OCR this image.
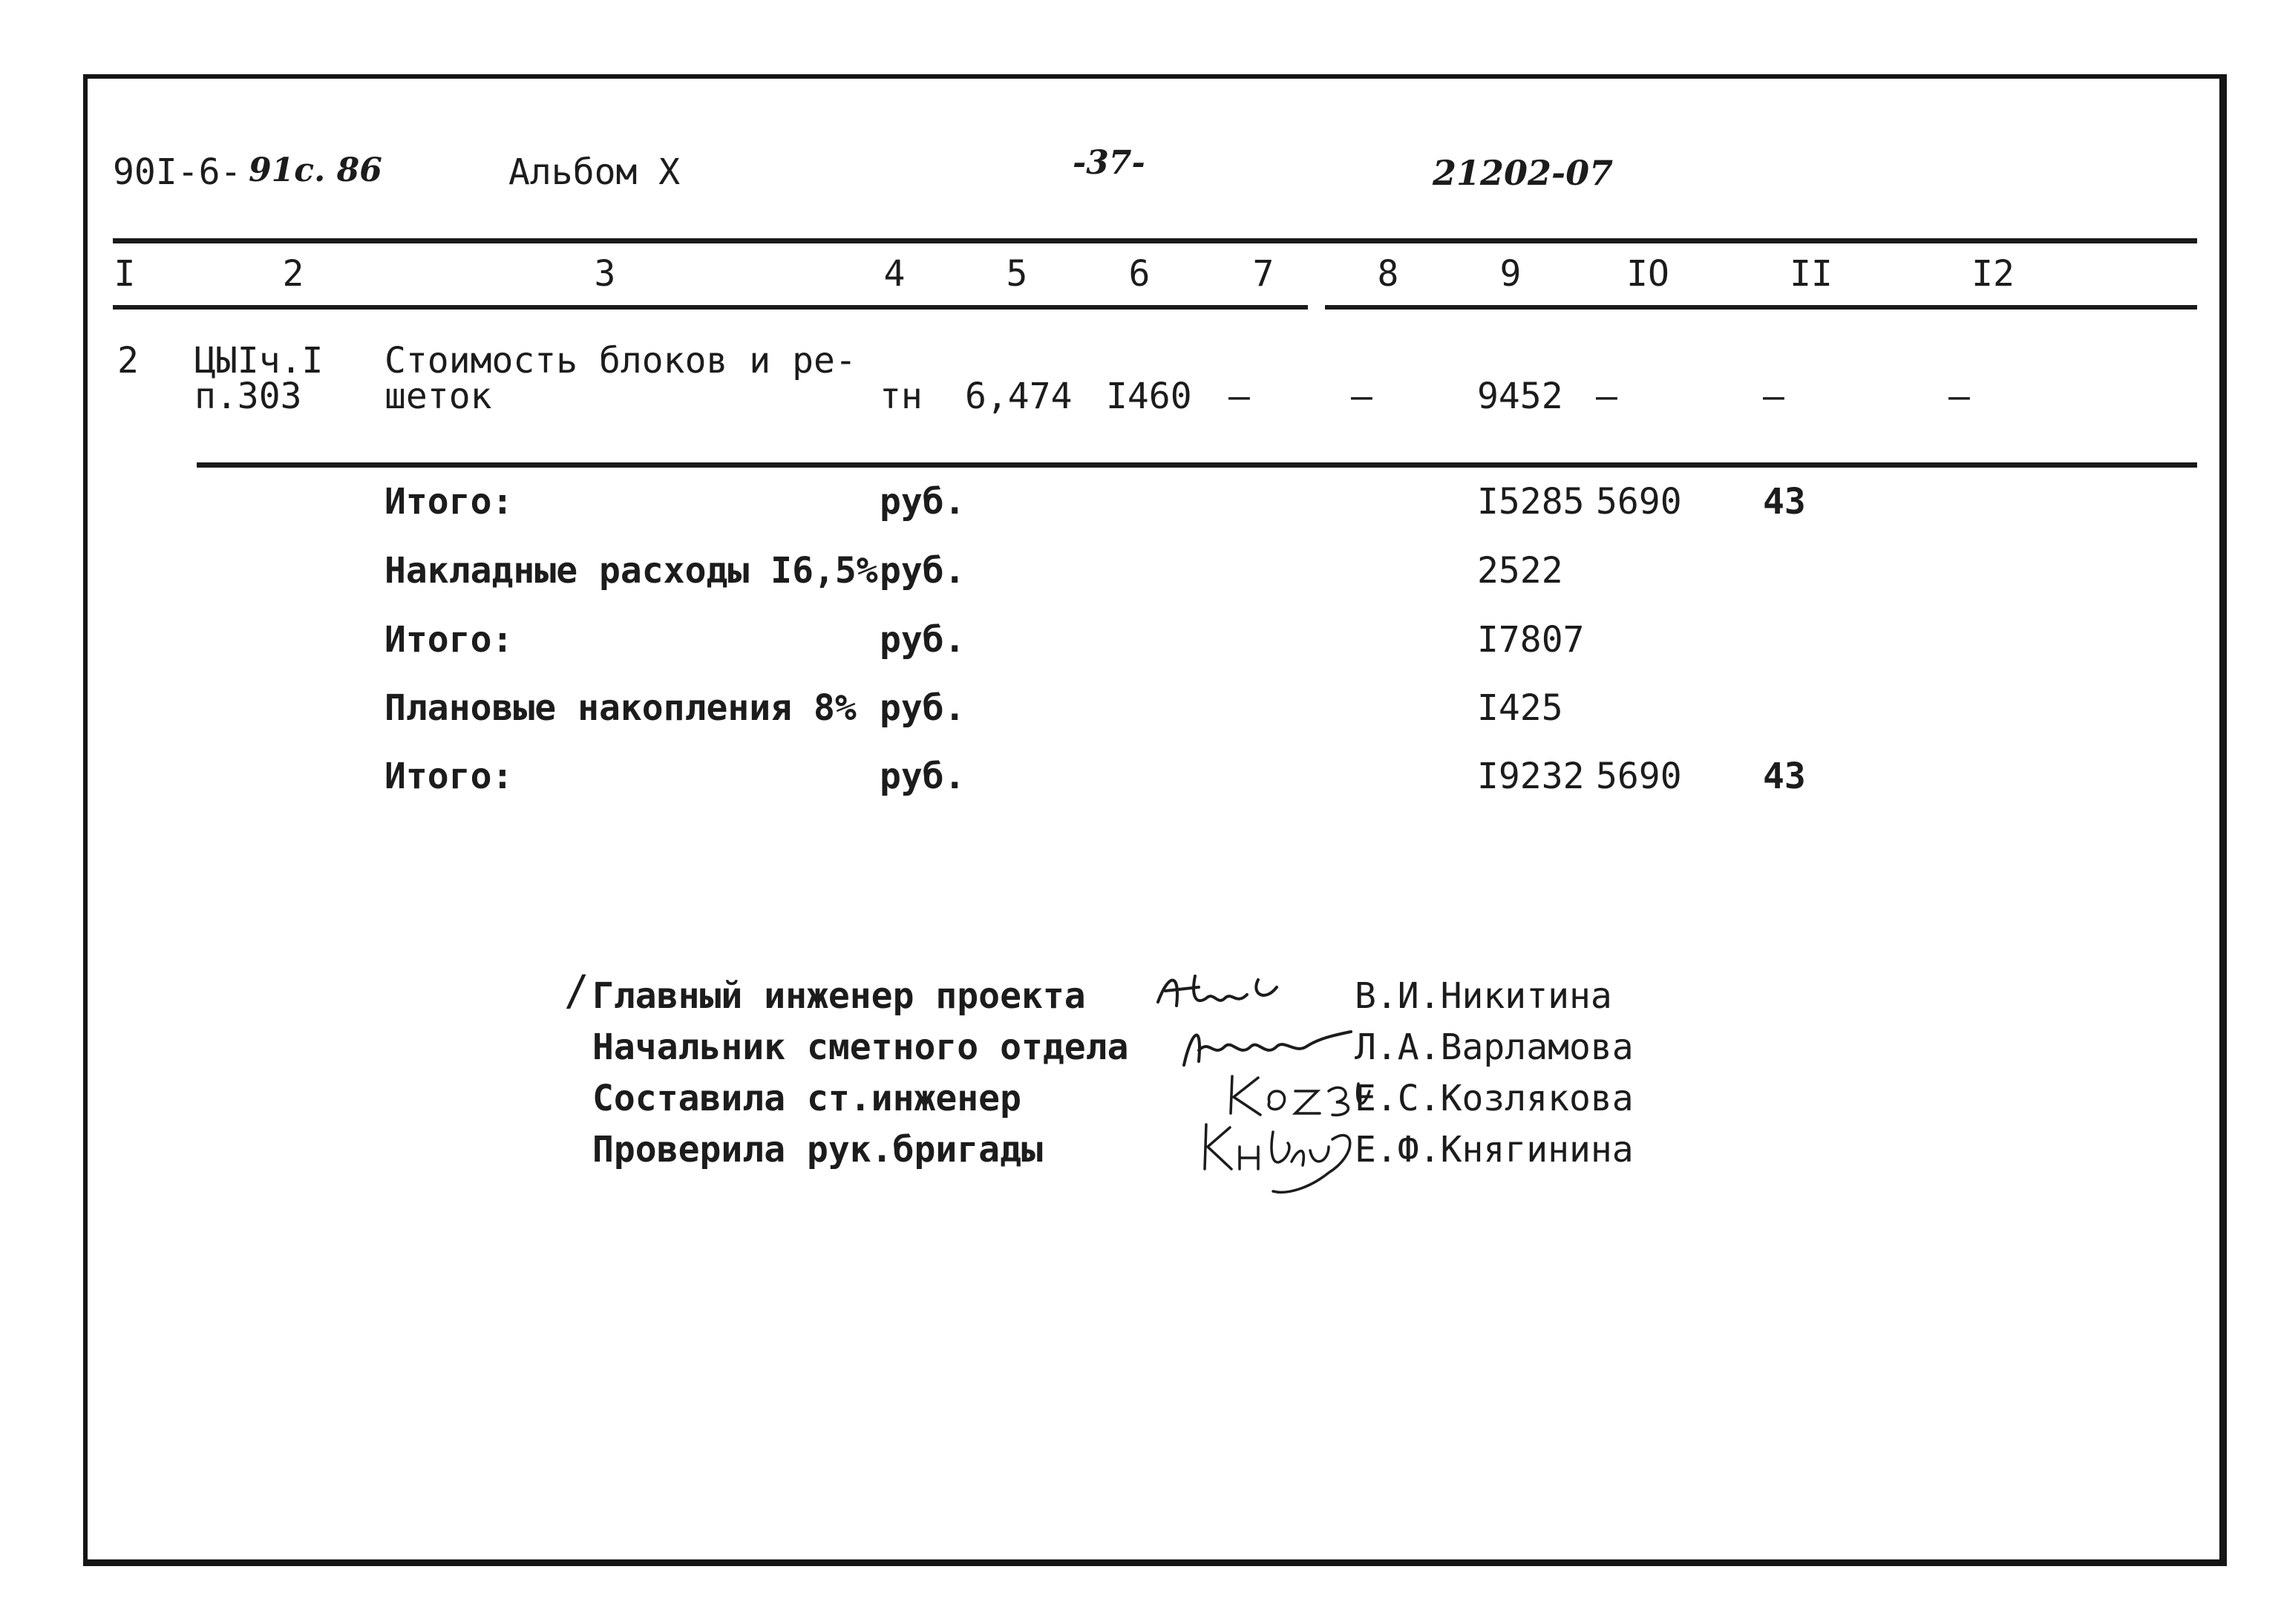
90I-6- 91c. 86	Альбом X	-37-	21202-07
I	2	3	4	5	6	7	8	9	IO	II	I2
2 ЦЫIч.I
п.303
Стоимость блоков и ре-
шеток	тн 6,474 I460 –	–	9452 –	–	–
Итого:	руб.	I5285 5690 43
Накладные расходы I6,5% руб.	2522
Итого:	руб.	I7807
Плановые накопления 8% руб.	I425
Итого:	руб.	I9232 5690 43
/ Главный инженер проекта	В.И.Никитина
Начальник сметного отдела	Л.А.Варламова
Составила ст.инженер	Е.С.Козлякова
Проверила рук.бригады	Е.Ф.Княгинина
